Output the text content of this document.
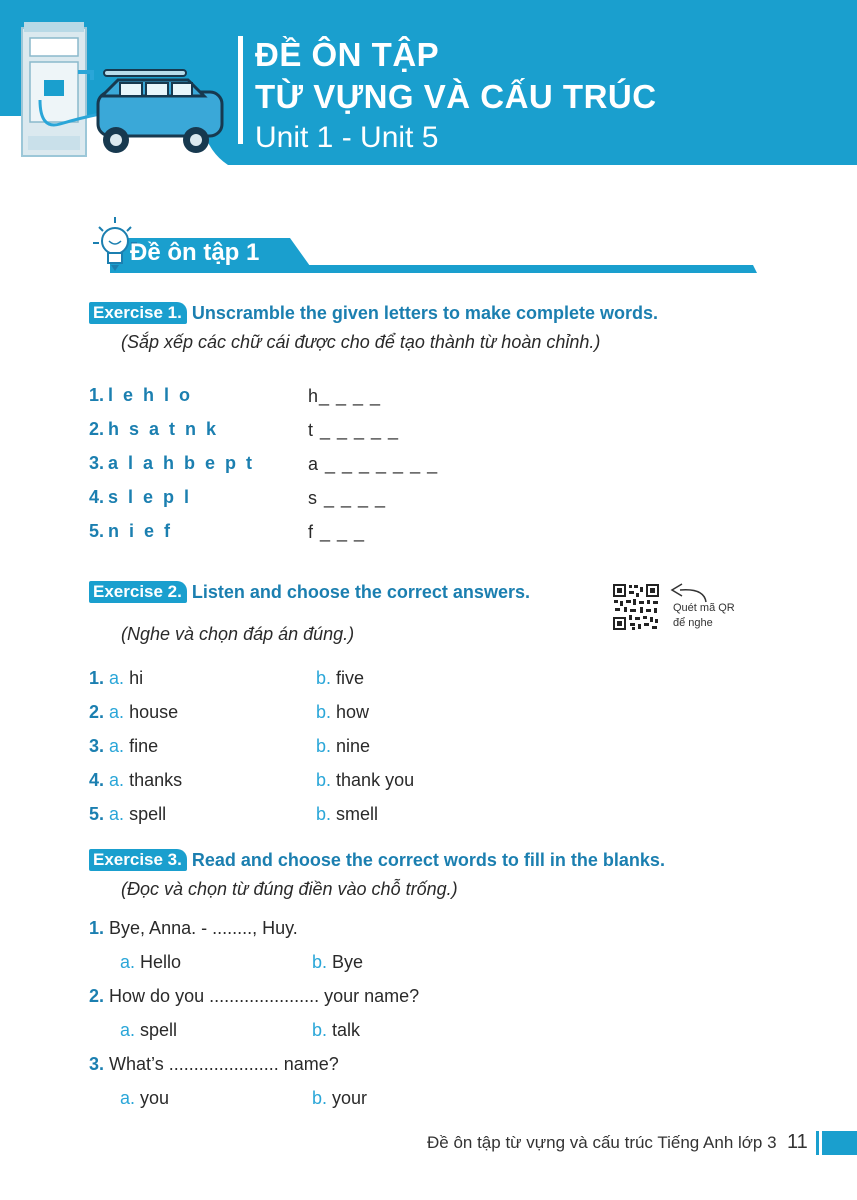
ĐỀ ÔN TẬP
TỪ VỰNG VÀ CẤU TRÚC
Unit 1 - Unit 5
Đề ôn tập 1
Exercise 1. Unscramble the given letters to make complete words.
(Sắp xếp các chữ cái được cho để tạo thành từ hoàn chỉnh.)
1. l e h l o	h_ _ _ _
2. h s a t n k	t _ _ _ _ _
3. a l a h b e p t	a _ _ _ _ _ _ _
4. s l e p l	s _ _ _ _
5. n i e f	f _ _ _
Exercise 2. Listen and choose the correct answers.
Quét mã QR
để nghe
(Nghe và chọn đáp án đúng.)
1. a. hi	b. five
2. a. house	b. how
3. a. fine	b. nine
4. a. thanks	b. thank you
5. a. spell	b. smell
Exercise 3. Read and choose the correct words to fill in the blanks.
(Đọc và chọn từ đúng điền vào chỗ trống.)
1. Bye, Anna. - ........, Huy.
a. Hello	b. Bye
2. How do you ...................... your name?
a. spell	b. talk
3. What’s ...................... name?
a. you	b. your
Đề ôn tập từ vựng và cấu trúc Tiếng Anh lớp 3 11
